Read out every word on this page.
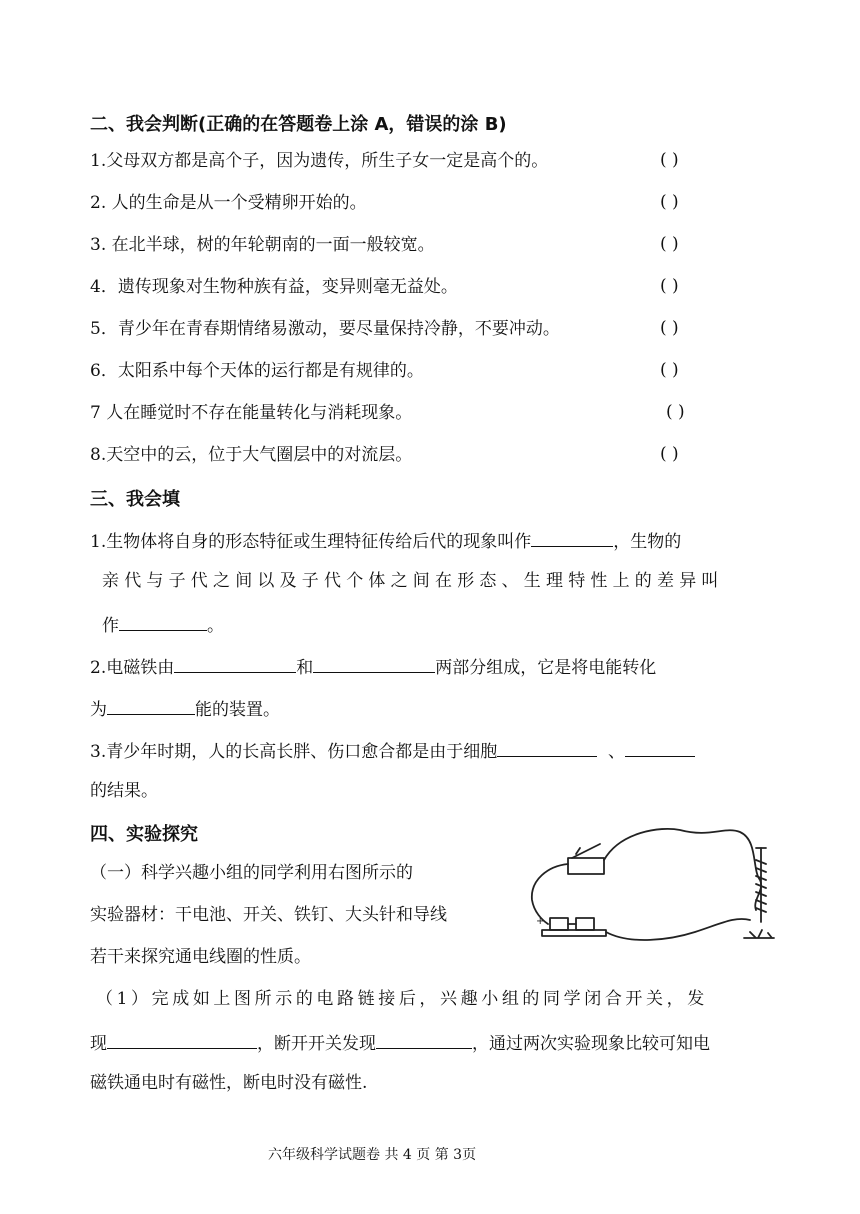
二、我会判断(正确的在答题卷上涂 A，错误的涂 B)
1.父母双方都是高个子，因为遗传，所生子女一定是高个的。	( )
2. 人的生命是从一个受精卵开始的。	( )
3. 在北半球，树的年轮朝南的一面一般较宽。	( )
4．遗传现象对生物种族有益，变异则毫无益处。	( )
5．青少年在青春期情绪易激动，要尽量保持冷静，不要冲动。	( )
6．太阳系中每个天体的运行都是有规律的。	( )
7 人在睡觉时不存在能量转化与消耗现象。	( )
8.天空中的云，位于大气圈层中的对流层。	( )
三、我会填
1.生物体将自身的形态特征或生理特征传给后代的现象叫作	，生物的
亲代与子代之间以及子代个体之间在形态、生理特性上的差异叫
作	。
2.电磁铁由	和	两部分组成，它是将电能转化
为	能的装置。
3.青少年时期，人的长高长胖、伤口愈合都是由于细胞	、
的结果。
四、实验探究
（一）科学兴趣小组的同学利用右图所示的
实验器材：干电池、开关、铁钉、大头针和导线
若干来探究通电线圈的性质。
+
（1）完成如上图所示的电路链接后，兴趣小组的同学闭合开关，发
现	，断开开关发现	，通过两次实验现象比较可知电
磁铁通电时有磁性，断电时没有磁性.
六年级科学试题卷 共 4 页 第 3页
